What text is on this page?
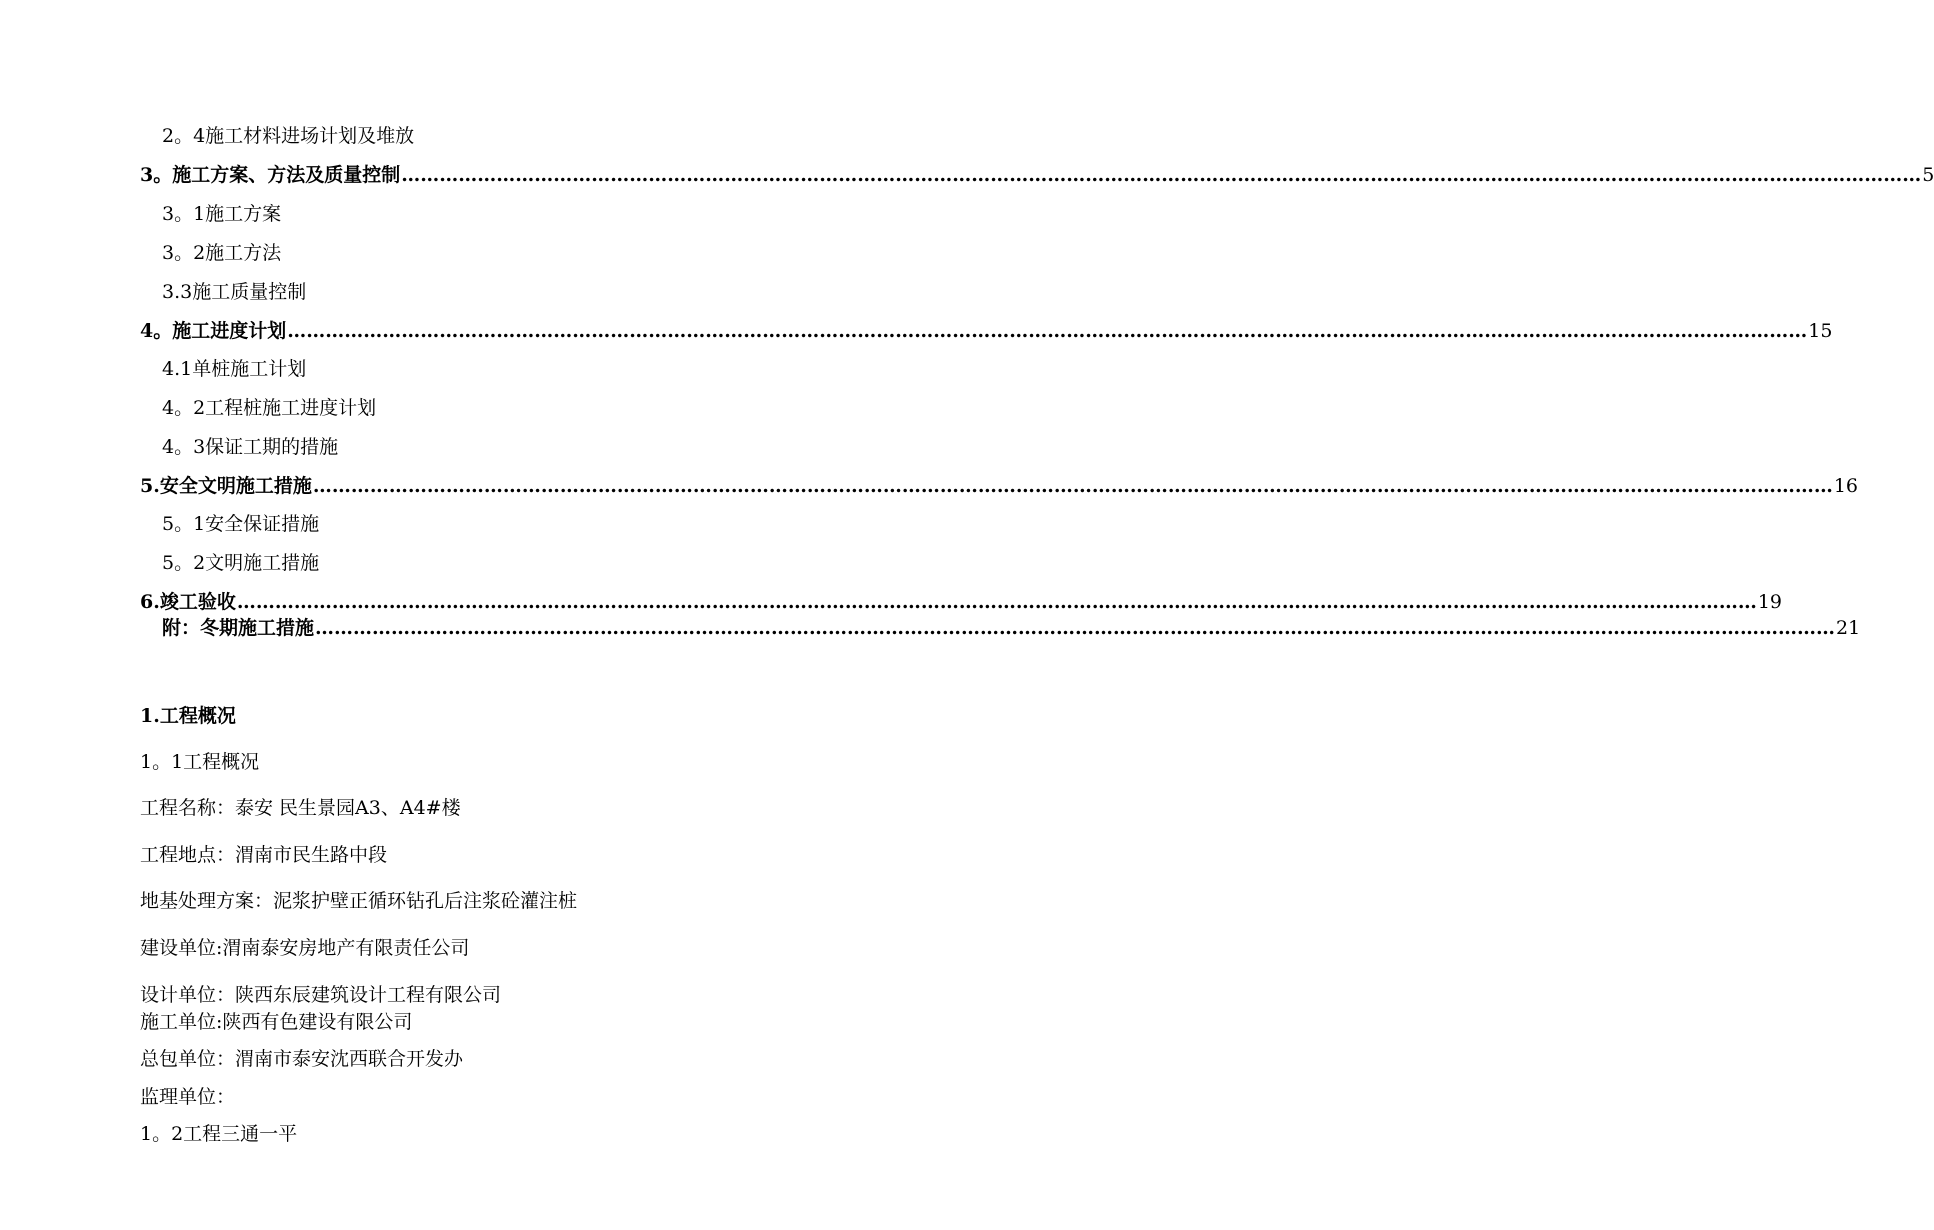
2。4施工材料进场计划及堆放
3。施工方案、方法及质量控制 …………………………………………………………………………………………………………………………………………………………………………………………………………………… 5
3。1施工方案
3。2施工方法
3.3施工质量控制
4。施工进度计划 …………………………………………………………………………………………………………………………………………………………………………………………………………………… 15
4.1单桩施工计划
4。2工程桩施工进度计划
4。3保证工期的措施
5.安全文明施工措施 …………………………………………………………………………………………………………………………………………………………………………………………………………………… 16
5。1安全保证措施
5。2文明施工措施
6.竣工验收 …………………………………………………………………………………………………………………………………………………………………………………………………………………… 19
附：冬期施工措施 …………………………………………………………………………………………………………………………………………………………………………………………………………………… 21
1.工程概况
1。1工程概况
工程名称：泰安 民生景园A3、A4#楼
工程地点：渭南市民生路中段
地基处理方案：泥浆护壁正循环钻孔后注浆砼灌注桩
建设单位:渭南泰安房地产有限责任公司
设计单位：陕西东辰建筑设计工程有限公司
施工单位:陕西有色建设有限公司
总包单位：渭南市泰安沈西联合开发办
监理单位：
1。2工程三通一平
